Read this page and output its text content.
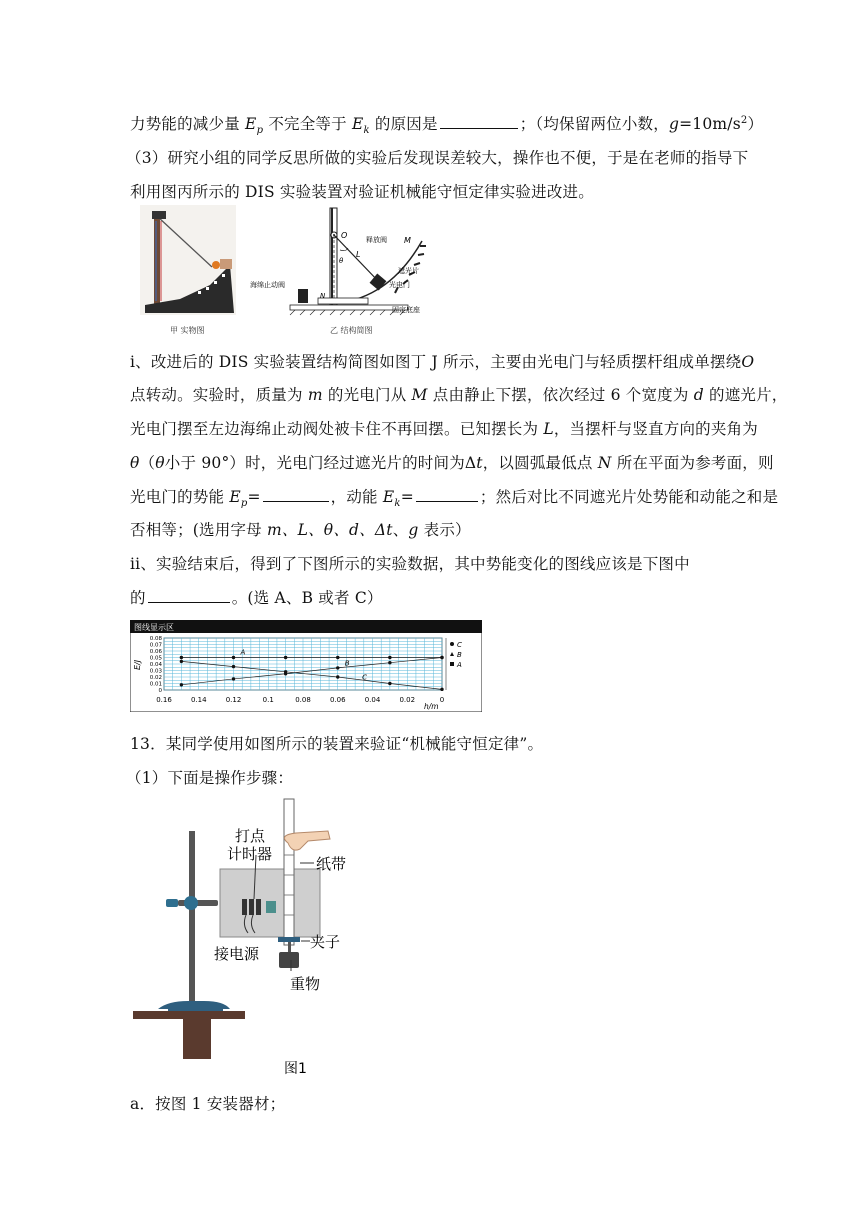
力势能的减少量 $E_p$ 不完全等于 $E_k$ 的原因是	；（均保留两位小数，$g=10m/s^2$）
（3）研究小组的同学反思所做的实验后发现误差较大，操作也不便，于是在老师的指导下
利用图丙所示的 DIS 实验装置对验证机械能守恒定律实验进改进。
甲 实物图
O
L
θ
M
N
释放阀
遮光片
光电门
海绵止动阀
固定底座
乙 结构简图
i、改进后的 DIS 实验装置结构简图如图丁 J 所示，主要由光电门与轻质摆杆组成单摆绕O
点转动。实验时，质量为 m 的光电门从 M 点由静止下摆，依次经过 6 个宽度为 d 的遮光片，
光电门摆至左边海绵止动阀处被卡住不再回摆。已知摆长为 L，当摆杆与竖直方向的夹角为
θ（θ小于 90°）时，光电门经过遮光片的时间为Δt，以圆弧最低点 N 所在平面为参考面，则
光电门的势能 $E_p=$	，动能 $E_k=$	；然后对比不同遮光片处势能和动能之和是
否相等；(选用字母 m、L、θ、d、Δt、g 表示）
ii、实验结束后，得到了下图所示的实验数据，其中势能变化的图线应该是下图中
的	。(选 A、B 或者 C）
图线显示区
E/J
h/m
0.08
0.07
0.06
0.05
0.04
0.03
0.02
0.01
0
0.16	0.14	0.12	0.1	0.08	0.06	0.04	0.02	0
A
B
C
C
B
A
13．某同学使用如图所示的装置来验证“机械能守恒定律”。
（1）下面是操作步骤：
打点
计时器
纸带
接电源
夹子
重物
图1
a．按图 1 安装器材；
